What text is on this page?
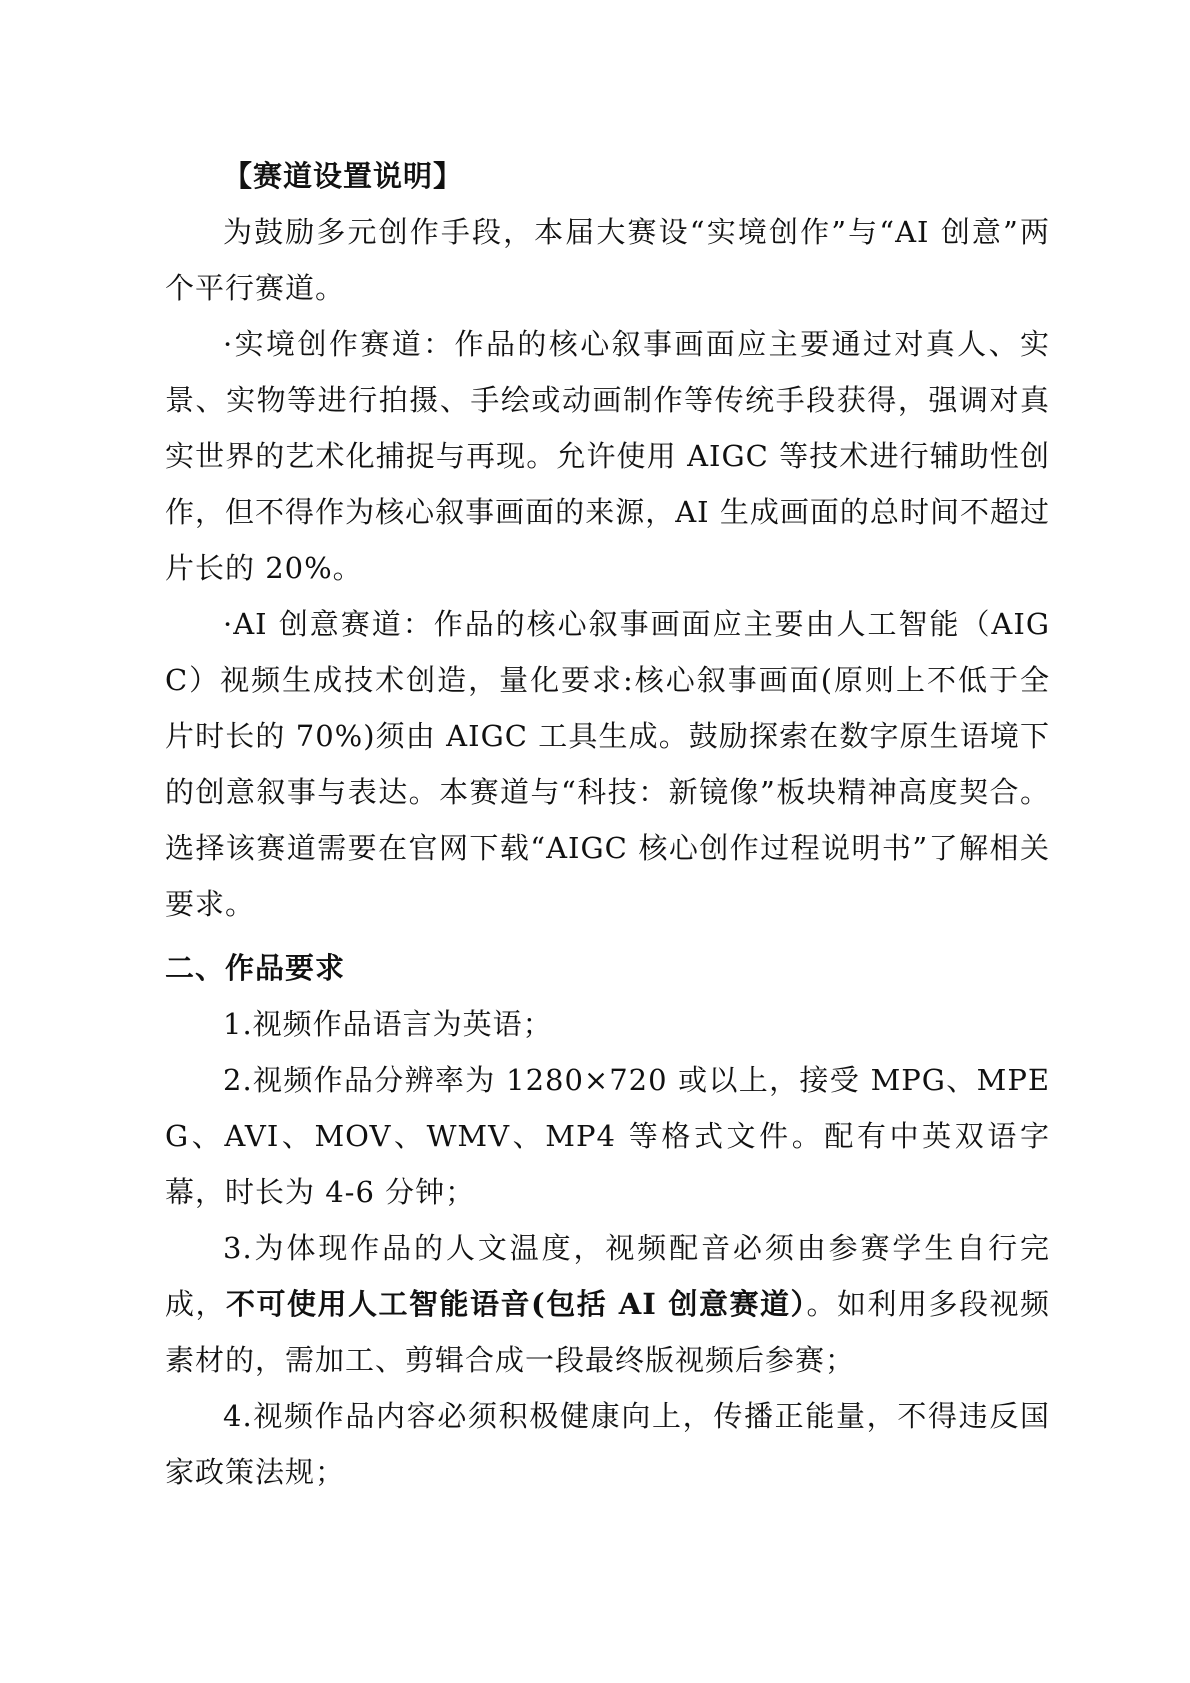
【赛道设置说明】

为鼓励多元创作手段，本届大赛设“实境创作”与“AI 创意”两个平行赛道。

·实境创作赛道：作品的核心叙事画面应主要通过对真人、实景、实物等进行拍摄、手绘或动画制作等传统手段获得，强调对真实世界的艺术化捕捉与再现。允许使用 AIGC 等技术进行辅助性创作，但不得作为核心叙事画面的来源，AI 生成画面的总时间不超过片长的 20%。

·AI 创意赛道：作品的核心叙事画面应主要由人工智能（AIGC）视频生成技术创造，量化要求:核心叙事画面(原则上不低于全片时长的 70%)须由 AIGC 工具生成。鼓励探索在数字原生语境下的创意叙事与表达。本赛道与“科技：新镜像”板块精神高度契合。选择该赛道需要在官网下载“AIGC 核心创作过程说明书”了解相关要求。

二、作品要求

1.视频作品语言为英语；

2.视频作品分辨率为 1280×720 或以上，接受 MPG、MPEG、AVI、MOV、WMV、MP4 等格式文件。配有中英双语字幕，时长为 4-6 分钟；

3.为体现作品的人文温度，视频配音必须由参赛学生自行完成，不可使用人工智能语音(包括 AI 创意赛道）。如利用多段视频素材的，需加工、剪辑合成一段最终版视频后参赛；

4.视频作品内容必须积极健康向上，传播正能量，不得违反国家政策法规；
